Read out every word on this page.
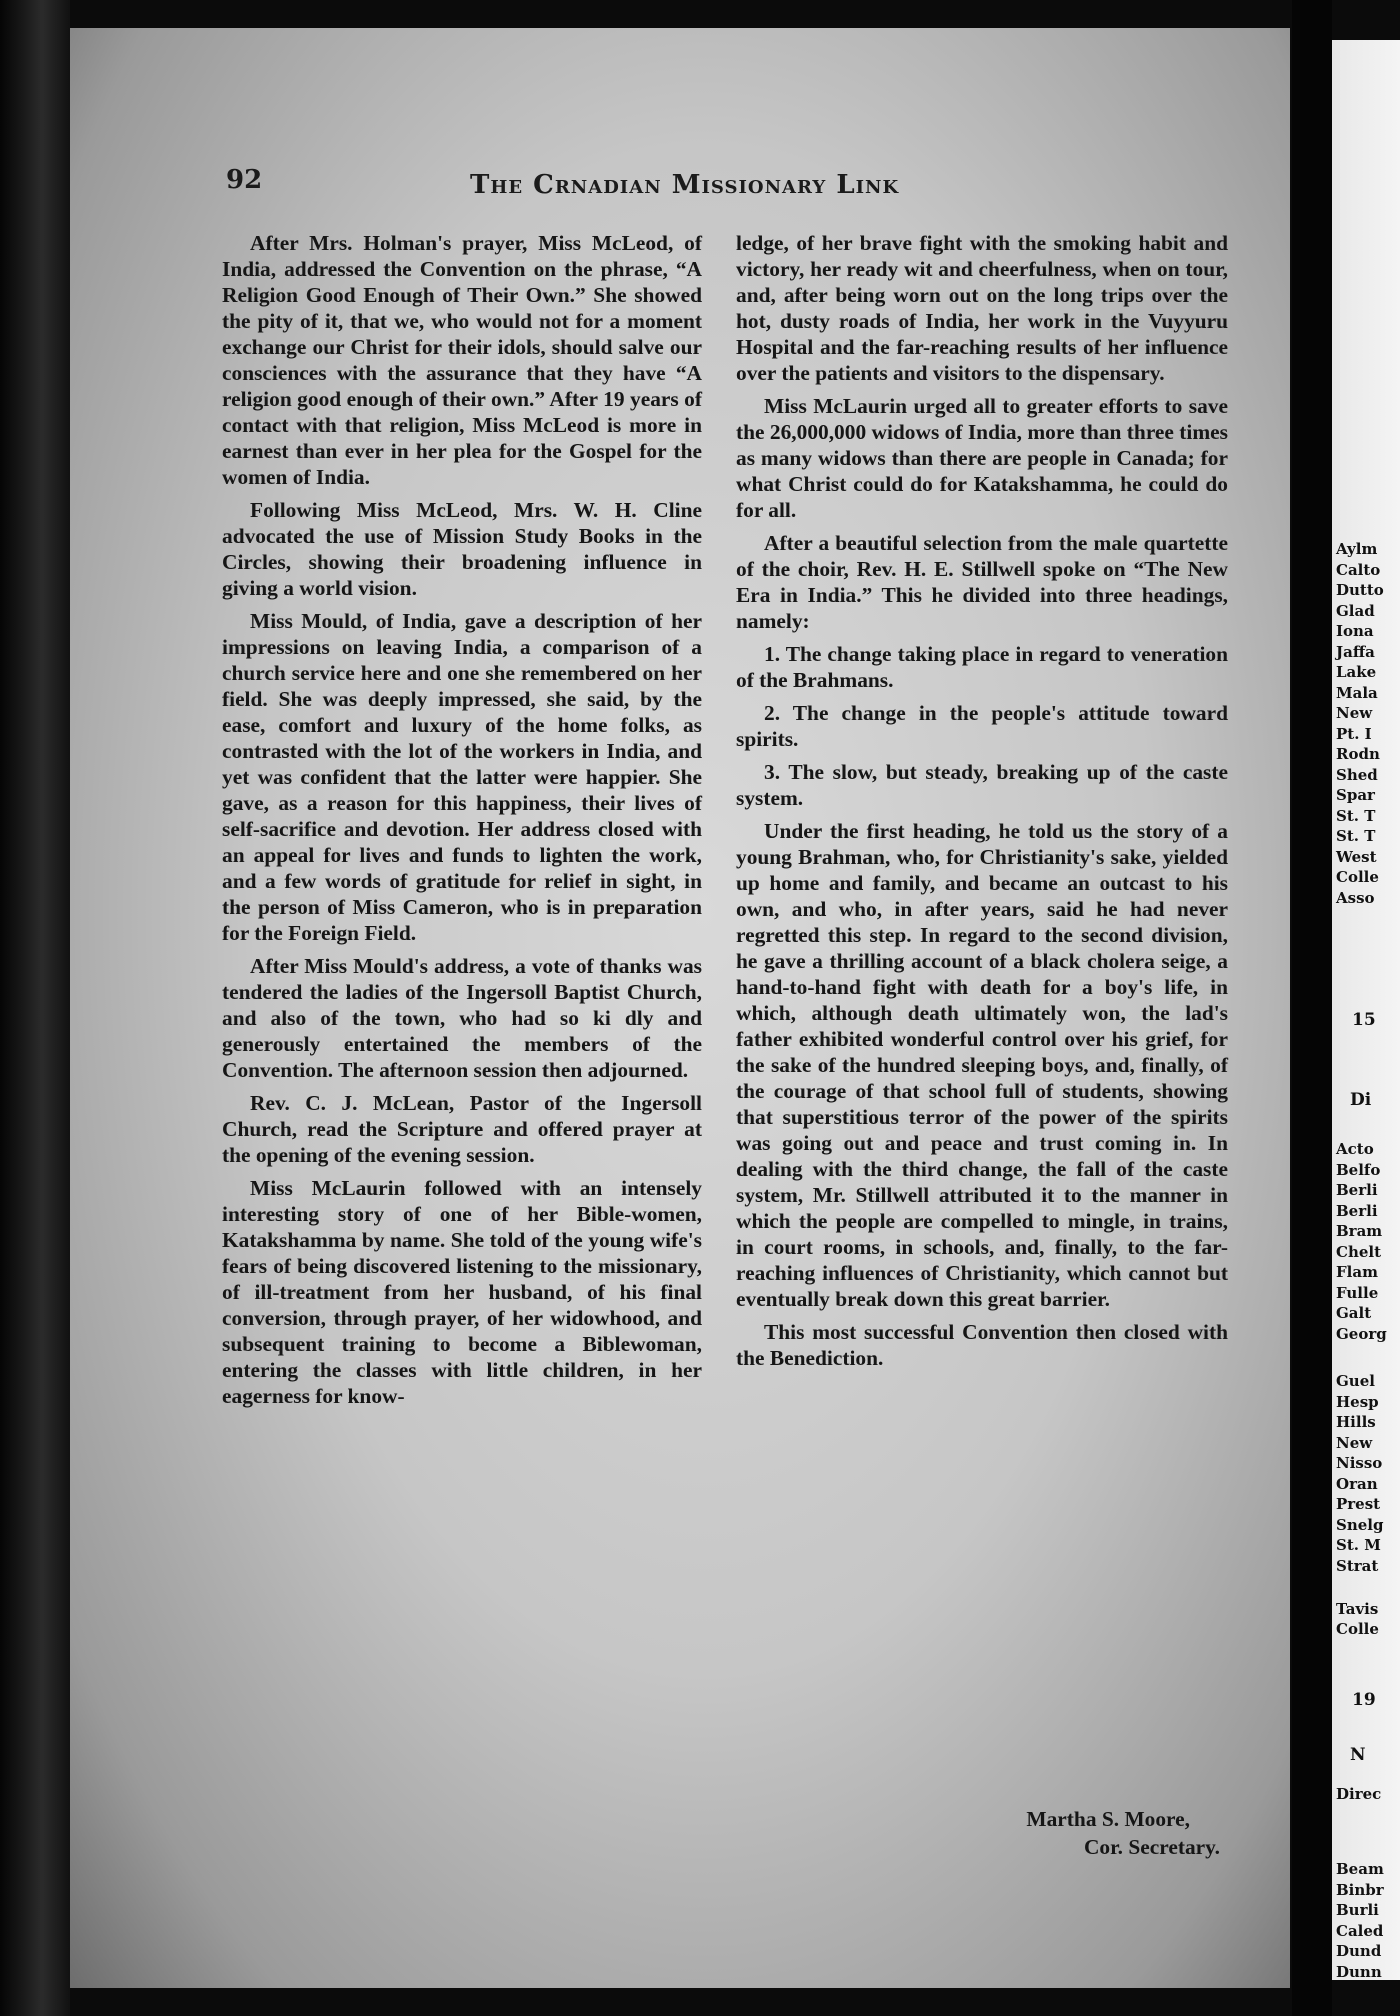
92	The Crnadian Missionary Link

After Mrs. Holman's prayer, Miss McLeod, of India, addressed the Convention on the phrase, “A Religion Good Enough of Their Own.” She showed the pity of it, that we, who would not for a moment exchange our Christ for their idols, should salve our consciences with the assurance that they have “A religion good enough of their own.” After 19 years of contact with that religion, Miss McLeod is more in earnest than ever in her plea for the Gospel for the women of India.

Following Miss McLeod, Mrs. W. H. Cline advocated the use of Mission Study Books in the Circles, showing their broadening influence in giving a world vision.

Miss Mould, of India, gave a description of her impressions on leaving India, a comparison of a church service here and one she remembered on her field. She was deeply impressed, she said, by the ease, comfort and luxury of the home folks, as contrasted with the lot of the workers in India, and yet was confident that the latter were happier. She gave, as a reason for this happiness, their lives of self-sacrifice and devotion. Her address closed with an appeal for lives and funds to lighten the work, and a few words of gratitude for relief in sight, in the person of Miss Cameron, who is in preparation for the Foreign Field.

After Miss Mould's address, a vote of thanks was tendered the ladies of the Ingersoll Baptist Church, and also of the town, who had so ki dly and generously entertained the members of the Convention. The afternoon session then adjourned.

Rev. C. J. McLean, Pastor of the Ingersoll Church, read the Scripture and offered prayer at the opening of the evening session.

Miss McLaurin followed with an intensely interesting story of one of her Bible-women, Katakshamma by name. She told of the young wife's fears of being discovered listening to the missionary, of ill-treatment from her husband, of his final conversion, through prayer, of her widowhood, and subsequent training to become a Biblewoman, entering the classes with little children, in her eagerness for know-

ledge, of her brave fight with the smoking habit and victory, her ready wit and cheerfulness, when on tour, and, after being worn out on the long trips over the hot, dusty roads of India, her work in the Vuyyuru Hospital and the far-reaching results of her influence over the patients and visitors to the dispensary.

Miss McLaurin urged all to greater efforts to save the 26,000,000 widows of India, more than three times as many widows than there are people in Canada; for what Christ could do for Katakshamma, he could do for all.

After a beautiful selection from the male quartette of the choir, Rev. H. E. Stillwell spoke on “The New Era in India.” This he divided into three headings, namely:

1. The change taking place in regard to veneration of the Brahmans.

2. The change in the people's attitude toward spirits.

3. The slow, but steady, breaking up of the caste system.

Under the first heading, he told us the story of a young Brahman, who, for Christianity's sake, yielded up home and family, and became an outcast to his own, and who, in after years, said he had never regretted this step. In regard to the second division, he gave a thrilling account of a black cholera seige, a hand-to-hand fight with death for a boy's life, in which, although death ultimately won, the lad's father exhibited wonderful control over his grief, for the sake of the hundred sleeping boys, and, finally, of the courage of that school full of students, showing that superstitious terror of the power of the spirits was going out and peace and trust coming in. In dealing with the third change, the fall of the caste system, Mr. Stillwell attributed it to the manner in which the people are compelled to mingle, in trains, in court rooms, in schools, and, finally, to the far-reaching influences of Christianity, which cannot but eventually break down this great barrier.

This most successful Convention then closed with the Benediction.

Martha S. Moore,
Cor. Secretary.
Aylm
Calto
Dutto
Glad
Iona
Jaffa
Lake
Mala
New
Pt. I
Rodn
Shed
Spar
St. T
St. T
West
Colle
Asso
15
Di
Acto
Belfo
Berli
Berli
Bram
Chelt
Flam
Fulle
Galt
Georg
Guel
Hesp
Hills
New
Nisso
Oran
Prest
Snelg
St. M
Strat
Tavis
Colle
19
N
Direc
Beam
Binbr
Burli
Caled
Dund
Dunn
